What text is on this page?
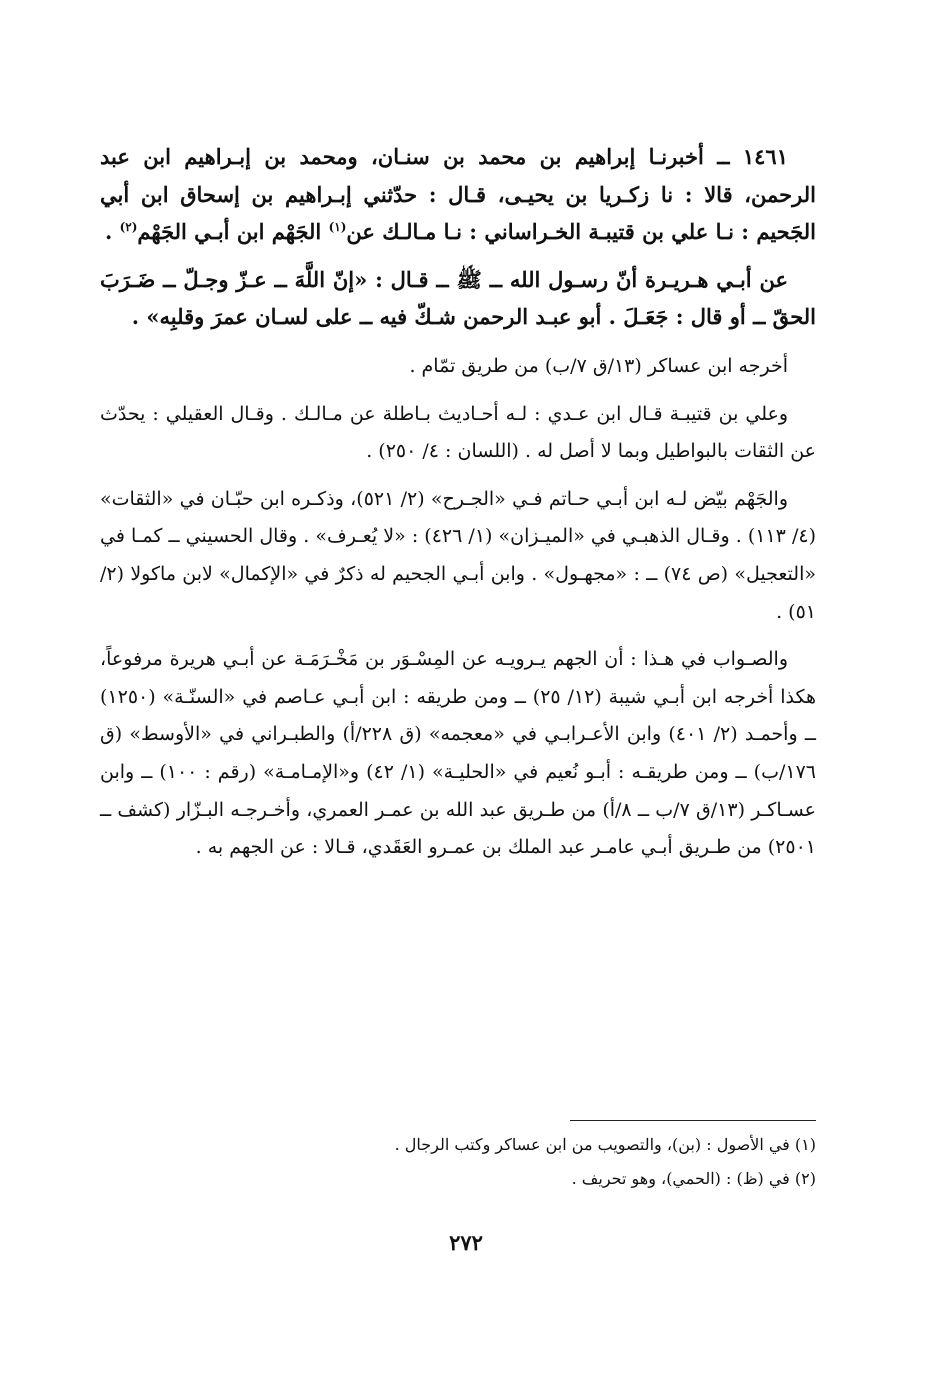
١٤٦١ ــ أخبرنـا إبراهيم بن محمد بن سنـان، ومحمد بن إبـراهيم ابن عبد الرحمن، قالا : نا زكـريا بن يحيـى، قـال : حدّثني إبـراهيم بن إسحاق ابن أبي الجَحيم : نـا علي بن قتيبـة الخـراساني : نـا مـالـك عن$^{(١)}$ الجَهْم ابن أبـي الجَهْم$^{(٢)}$ .

عن أبـي هـريـرة أنّ رسـول الله ــ ﷺ ــ قـال : «إنّ اللَّهَ ــ عـزّ وجـلّ ــ ضَـرَبَ الحقّ ــ أو قال : جَعَـلَ . أبو عبـد الرحمن شـكّ فيه ــ على لسـان عمرَ وقلبِه» .

أخرجه ابن عساكر (١٣/ق ٧/ب) من طريق تمّام .

وعلي بن قتيبـة قـال ابن عـدي : لـه أحـاديث بـاطلة عن مـالـك . وقـال العقيلي : يحدّث عن الثقات بالبواطيل وبما لا أصل له . (اللسان : ٤/ ٢٥٠) .

والجَهْم بيّض لـه ابن أبـي حـاتم فـي «الجـرح» (٢/ ٥٢١)، وذكـره ابن حبّـان في «الثقات» (٤/ ١١٣) . وقـال الذهبـي في «الميـزان» (١/ ٤٢٦) : «لا يُعـرف» . وقال الحسيني ــ كمـا في «التعجيل» (ص ٧٤) ــ : «مجهـول» . وابن أبـي الجحيم له ذكرٌ في «الإكمال» لابن ماكولا (٢/ ٥١) .

والصـواب في هـذا : أن الجهم يـرويـه عن المِسْـوَر بن مَخْـرَمَـة عن أبـي هريرة مرفوعاً، هكذا أخرجه ابن أبـي شيبة (١٢/ ٢٥) ــ ومن طريقه : ابن أبـي عـاصم في «السنّـة» (١٢٥٠) ــ وأحمـد (٢/ ٤٠١) وابن الأعـرابـي في «معجمه» (ق ٢٢٨/أ) والطبـراني في «الأوسط» (ق ١٧٦/ب) ــ ومن طريقـه : أبـو نُعيم في «الحليـة» (١/ ٤٢) و«الإمـامـة» (رقم : ١٠٠) ــ وابن عسـاكـر (١٣/ق ٧/ب ــ ٨/أ) من طـريق عبد الله بن عمـر العمري، وأخـرجـه البـزّار (كشف ــ ٢٥٠١) من طـريق أبـي عامـر عبد الملك بن عمـرو العَقَدي، قـالا : عن الجهم به .

(١) في الأصول : (بن)، والتصويب من ابن عساكر وكتب الرجال .
(٢) في (ظ) : (الحمي)، وهو تحريف .
٢٧٢
